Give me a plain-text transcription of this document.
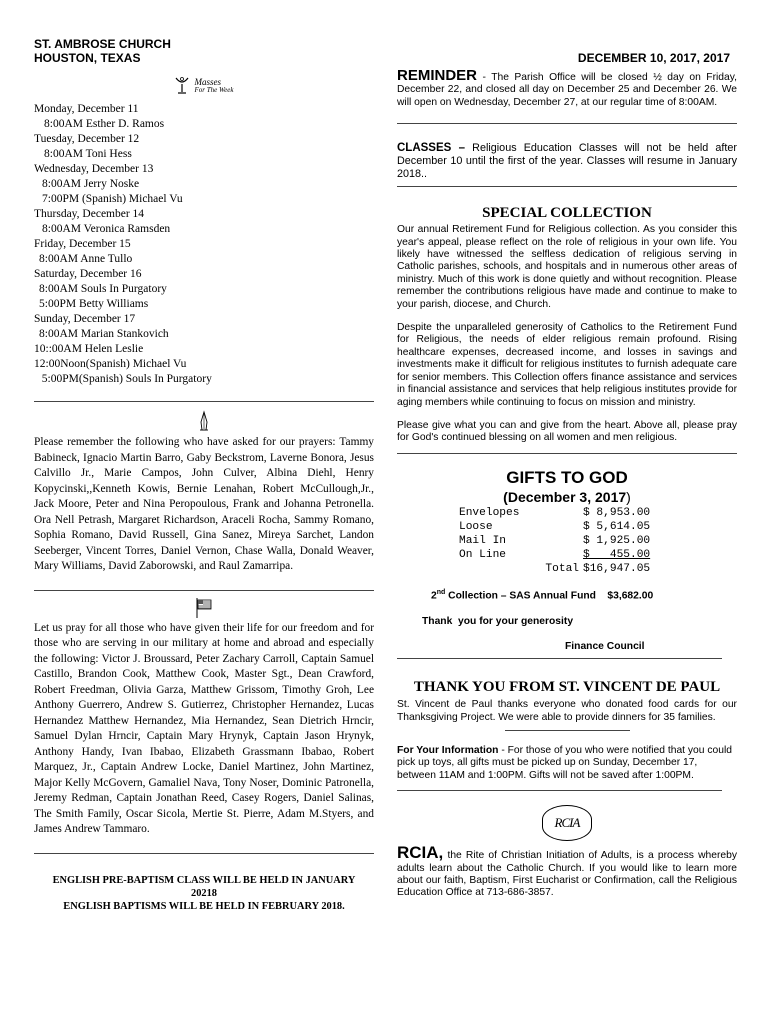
ST. AMBROSE CHURCH
HOUSTON, TEXAS	DECEMBER 10, 2017, 2017
Masses
For The Week
Monday, December 11
8:00AM Esther D. Ramos
Tuesday, December 12
8:00AM Toni Hess
Wednesday, December 13
8:00AM Jerry Noske
7:00PM (Spanish) Michael Vu
Thursday, December 14
8:00AM Veronica Ramsden
Friday, December 15
8:00AM Anne Tullo
Saturday, December 16
8:00AM Souls In Purgatory
5:00PM Betty Williams
Sunday, December 17
8:00AM Marian Stankovich
10::00AM Helen Leslie
12:00Noon(Spanish) Michael Vu
5:00PM(Spanish) Souls In Purgatory
Please remember the following who have asked for our prayers: Tammy Babineck, Ignacio Martin Barro, Gaby Beckstrom, Laverne Bonora, Jesus Calvillo Jr., Marie Campos, John Culver, Albina Diehl, Henry Kopycinski,,Kenneth Kowis, Bernie Lenahan, Robert McCullough,Jr., Jack Moore, Peter and Nina Peropoulous, Frank and Johanna Petronella. Ora Nell Petrash, Margaret Richardson, Araceli Rocha, Sammy Romano, Sophia Romano, David Russell, Gina Sanez, Mireya Sarchet, Landon Seeberger, Vincent Torres, Daniel Vernon, Chase Walla, Donald Weaver, Mary Williams, David Zaborowski, and Raul Zamarripa.
Let us pray for all those who have given their life for our freedom and for those who are serving in our military at home and abroad and especially the following: Victor J. Broussard, Peter Zachary Carroll, Captain Samuel Castillo, Brandon Cook, Matthew Cook, Master Sgt., Dean Crawford, Robert Freedman, Olivia Garza, Matthew Grissom, Timothy Groh, Lee Anthony Guerrero, Andrew S. Gutierrez, Christopher Hernandez, Lucas Hernandez Matthew Hernandez, Mia Hernandez, Sean Dietrich Hrncir, Samuel Dylan Hrncir, Captain Mary Hrynyk, Captain Jason Hrynyk, Anthony Handy, Ivan Ibabao, Elizabeth Grassmann Ibabao, Robert Marquez, Jr., Captain Andrew Locke, Daniel Martinez, John Martinez, Major Kelly McGovern, Gamaliel Nava, Tony Noser, Dominic Patronella, Jeremy Redman, Captain Jonathan Reed, Casey Rogers, Daniel Salinas, The Smith Family, Oscar Sicola, Mertie St. Pierre, Adam M.Styers, and James Andrew Tammaro.
ENGLISH PRE-BAPTISM CLASS WILL BE HELD IN JANUARY
20218
ENGLISH BAPTISMS WILL BE HELD IN FEBRUARY 2018.
REMINDER - The Parish Office will be closed ½ day on Friday, December 22, and closed all day on December 25 and December 26. We will open on Wednesday, December 27, at our regular time of 8:00AM.
CLASSES – Religious Education Classes will not be held after December 10 until the first of the year. Classes will resume in January 2018..
SPECIAL COLLECTION
Our annual Retirement Fund for Religious collection. As you consider this year's appeal, please reflect on the role of religious in your own life. You likely have witnessed the selfless dedication of religious serving in Catholic parishes, schools, and hospitals and in numerous other areas of ministry. Much of this work is done quietly and without recognition. Please remember the contributions religious have made and continue to make to your parish, diocese, and Church.
Despite the unparalleled generosity of Catholics to the Retirement Fund for Religious, the needs of elder religious remain profound. Rising healthcare expenses, decreased income, and losses in savings and investments make it difficult for religious institutes to furnish adequate care for senior members. This Collection offers finance assistance and services in financial assistance and services that help religious institutes provide for aging members while continuing to focus on mission and ministry.
Please give what you can and give from the heart. Above all, please pray for God's continued blessing on all women and men religious.
GIFTS TO GOD
(December 3, 2017)
Envelopes	$ 8,953.00
Loose	$ 5,614.05
Mail In	$ 1,925.00
On Line	$   455.00
Total	$16,947.05
2nd Collection – SAS Annual Fund    $3,682.00
Thank  you for your generosity
Finance Council
THANK YOU FROM ST. VINCENT DE PAUL
St. Vincent de Paul thanks everyone who donated food cards for our Thanksgiving Project. We were able to provide dinners for 35 families.
For Your Information - For those of you who were notified that you could pick up toys, all gifts must be picked up on Sunday, December 17, between 11AM and 1:00PM. Gifts will not be saved after 1:00PM.
RCIA
RCIA, the Rite of Christian Initiation of Adults, is a process whereby adults learn about the Catholic Church. If you would like to learn more about our faith, Baptism, First Eucharist or Confirmation, call the Religious Education Office at 713-686-3857.
